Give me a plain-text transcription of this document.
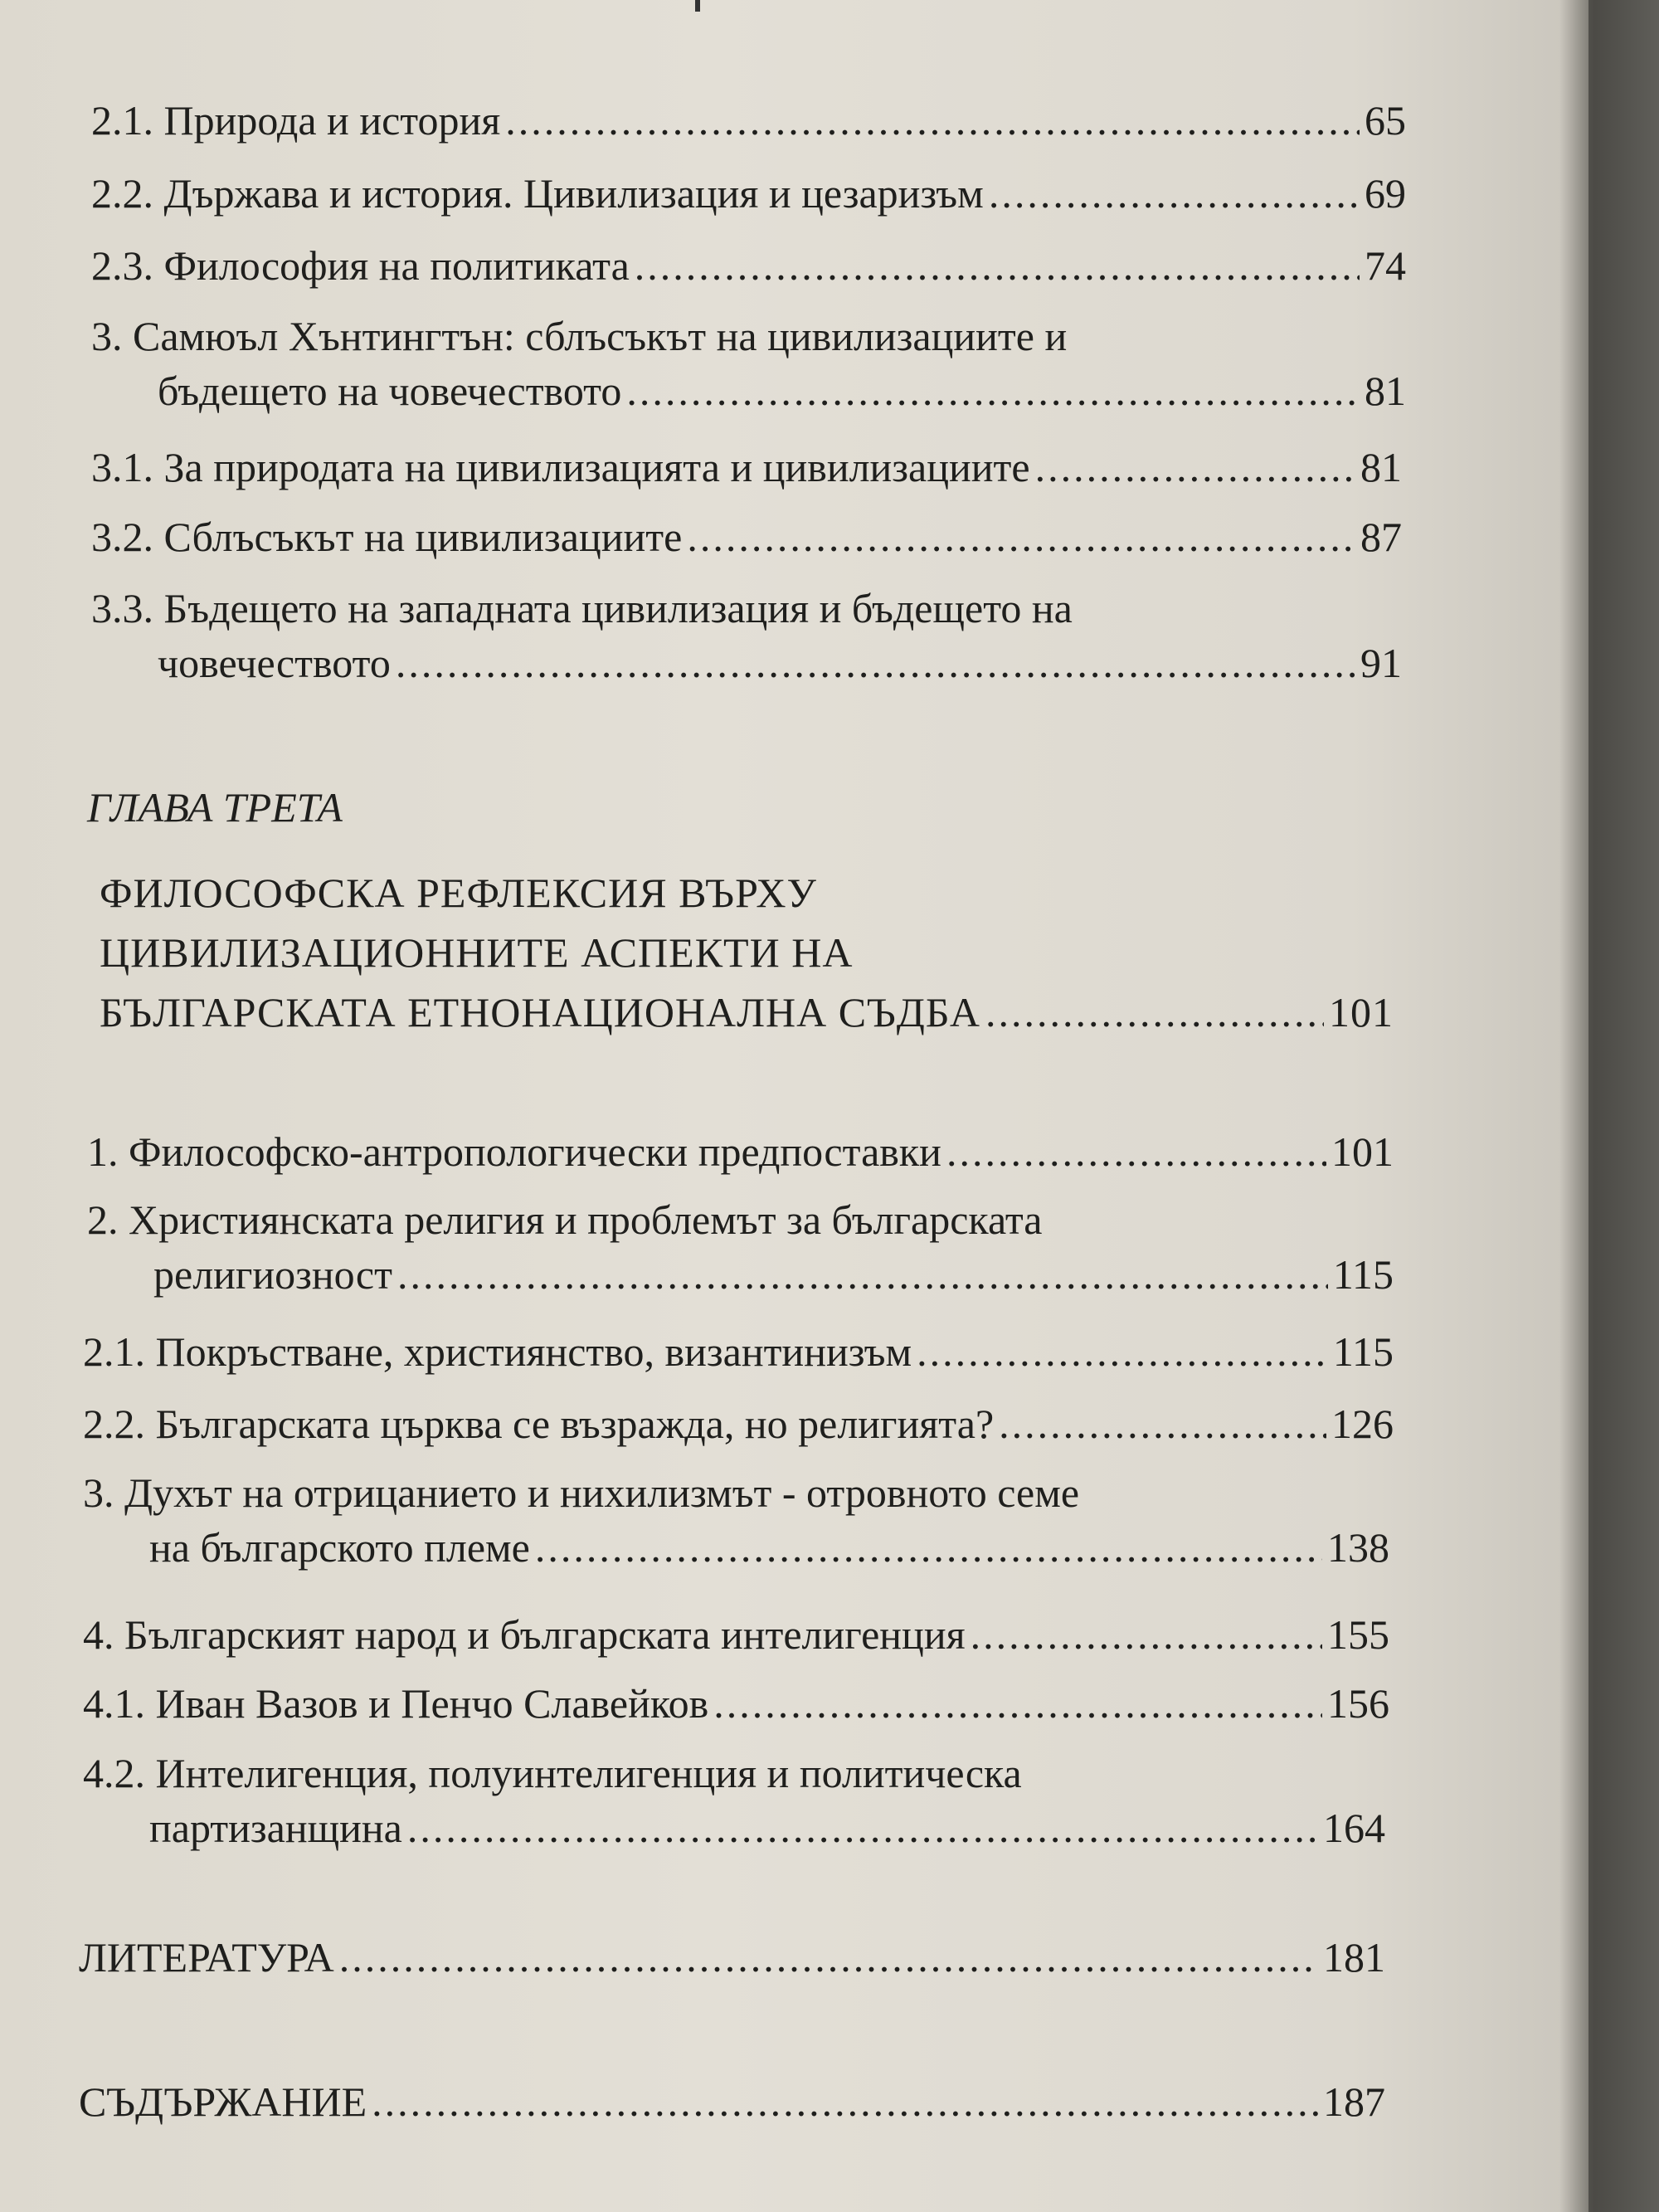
2.1. Природа и история .....	65
2.2. Държава и история. Цивилизация и цезаризъм .....	69
2.3. Философия на политиката .....	74
3. Самюъл Хънтингтън: сблъсъкът на цивилизациите и
бъдещето на човечеството .....	81
3.1. За природата на цивилизацията и цивилизациите .....	81
3.2. Сблъсъкът на цивилизациите .....	87
3.3. Бъдещето на западната цивилизация и бъдещето на
човечеството .....	91
ГЛАВА ТРЕТА
ФИЛОСОФСКА РЕФЛЕКСИЯ ВЪРХУ
ЦИВИЛИЗАЦИОННИТЕ АСПЕКТИ НА
БЪЛГАРСКАТА ЕТНОНАЦИОНАЛНА СЪДБА .....	101
1. Философско-антропологически предпоставки .....	101
2. Християнската религия и проблемът за българската
религиозност .....	115
2.1. Покръстване, християнство, византинизъм .....	115
2.2. Българската църква се възражда, но религията? .....	126
3. Духът на отрицанието и нихилизмът - отровното семе
на българското племе .....	138
4. Българският народ и българската интелигенция .....	155
4.1. Иван Вазов и Пенчо Славейков .....	156
4.2. Интелигенция, полуинтелигенция и политическа
партизанщина .....	164
ЛИТЕРАТУРА .....	181
СЪДЪРЖАНИЕ .....	187
